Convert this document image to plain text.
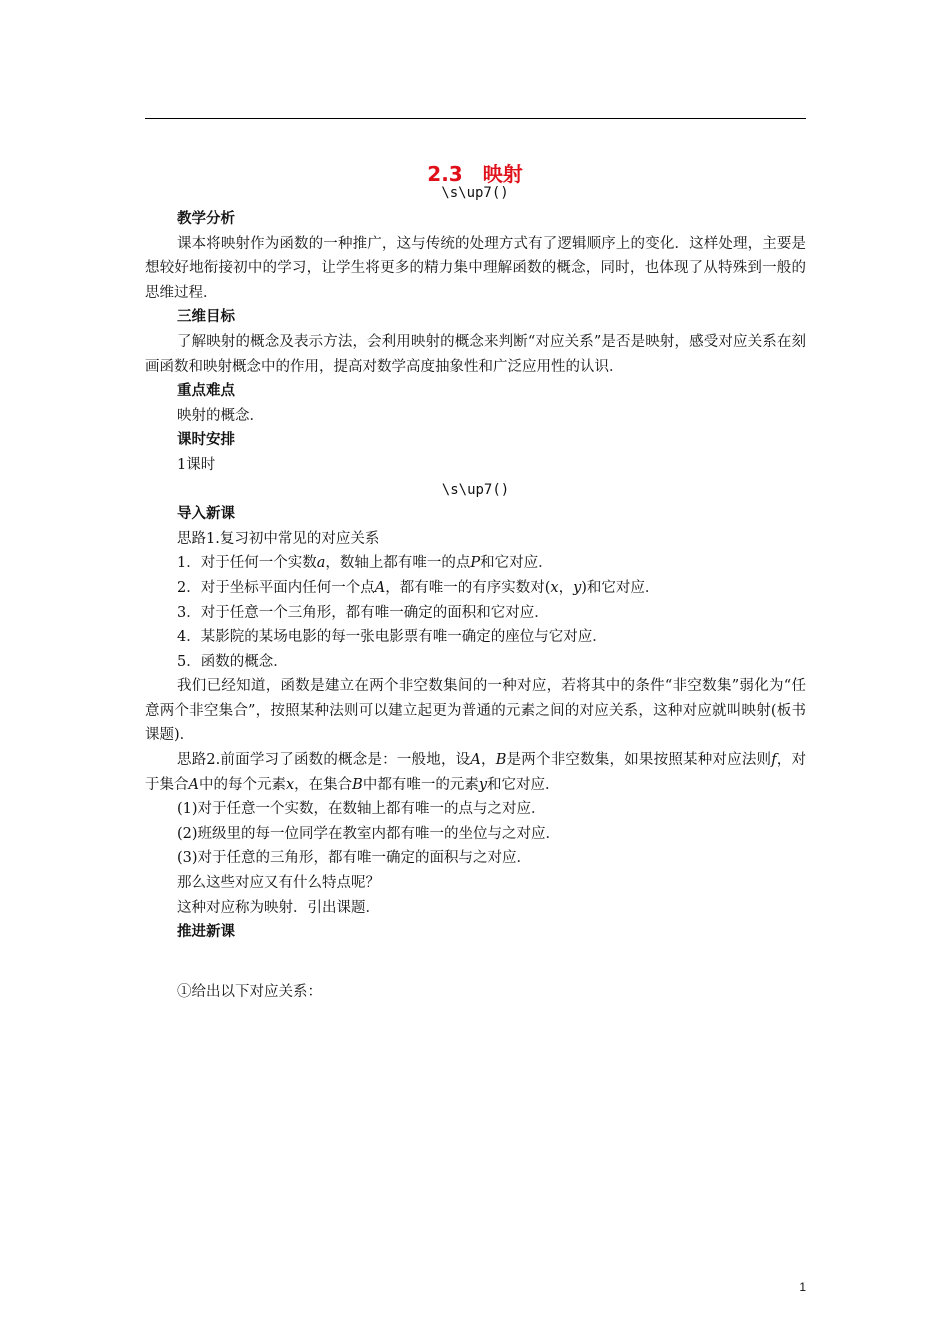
2.3　映射
\s\up7()

教学分析

课本将映射作为函数的一种推广，这与传统的处理方式有了逻辑顺序上的变化．这样处理，主要是想较好地衔接初中的学习，让学生将更多的精力集中理解函数的概念，同时，也体现了从特殊到一般的思维过程．

三维目标

了解映射的概念及表示方法，会利用映射的概念来判断“对应关系”是否是映射，感受对应关系在刻画函数和映射概念中的作用，提高对数学高度抽象性和广泛应用性的认识．

重点难点

映射的概念．

课时安排

1课时

\s\up7()

导入新课

思路1.复习初中常见的对应关系

1．对于任何一个实数a，数轴上都有唯一的点P和它对应．

2．对于坐标平面内任何一个点A，都有唯一的有序实数对(x，y)和它对应．

3．对于任意一个三角形，都有唯一确定的面积和它对应．

4．某影院的某场电影的每一张电影票有唯一确定的座位与它对应．

5．函数的概念．

我们已经知道，函数是建立在两个非空数集间的一种对应，若将其中的条件“非空数集”弱化为“任意两个非空集合”，按照某种法则可以建立起更为普通的元素之间的对应关系，这种对应就叫映射(板书课题)．

思路2.前面学习了函数的概念是：一般地，设A，B是两个非空数集，如果按照某种对应法则f，对于集合A中的每个元素x，在集合B中都有唯一的元素y和它对应．

(1)对于任意一个实数，在数轴上都有唯一的点与之对应．

(2)班级里的每一位同学在教室内都有唯一的坐位与之对应．

(3)对于任意的三角形，都有唯一确定的面积与之对应．

那么这些对应又有什么特点呢？

这种对应称为映射．引出课题．

推进新课

①给出以下对应关系：

1
